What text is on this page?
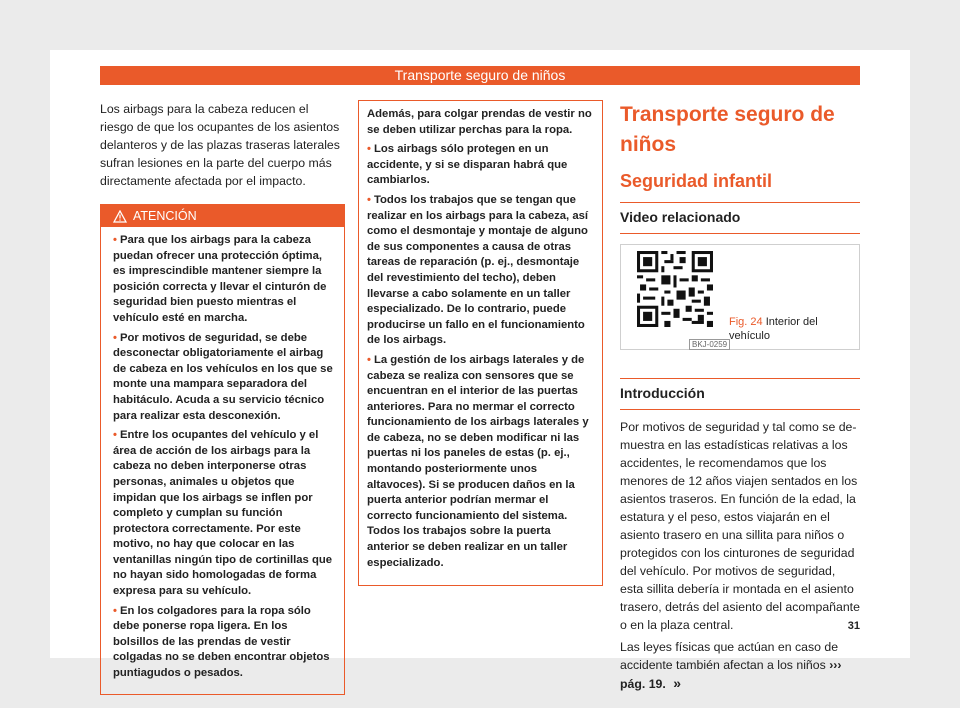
Transporte seguro de niños

Los airbags para la cabeza reducen el riesgo de que los ocupantes de los asientos delanteros y de las plazas traseras laterales sufran lesiones en la parte del cuerpo más directamente afectada por el impacto.

ATENCIÓN
• Para que los airbags para la cabeza puedan ofrecer una protección óptima, es imprescindible mantener siempre la posición correcta y llevar el cinturón de seguridad bien puesto mientras el vehículo esté en marcha.
• Por motivos de seguridad, se debe desconectar obligatoriamente el airbag de cabeza en los vehículos en los que se monte una mampara separadora del habitáculo. Acuda a su servicio técnico para realizar esta desconexión.
• Entre los ocupantes del vehículo y el área de acción de los airbags para la cabeza no deben interponerse otras personas, animales u objetos que impidan que los airbags se inflen por completo y cumplan su función protectora correctamente. Por este motivo, no hay que colocar en las ventanillas ningún tipo de cortinillas que no hayan sido homologadas de forma expresa para su vehículo.
• En los colgadores para la ropa sólo debe ponerse ropa ligera. En los bolsillos de las prendas de vestir colgadas no se deben encontrar objetos puntiagudos o pesados.

Además, para colgar prendas de vestir no se deben utilizar perchas para la ropa.

• Los airbags sólo protegen en un accidente, y si se disparan habrá que cambiarlos.
• Todos los trabajos que se tengan que realizar en los airbags para la cabeza, así como el desmontaje y montaje de alguno de sus componentes a causa de otras tareas de reparación (p. ej., desmontaje del revestimiento del techo), deben llevarse a cabo solamente en un taller especializado. De lo contrario, puede producirse un fallo en el funcionamiento de los airbags.
• La gestión de los airbags laterales y de cabeza se realiza con sensores que se encuentran en el interior de las puertas anteriores. Para no mermar el correcto funcionamiento de los airbags laterales y de cabeza, no se deben modificar ni las puertas ni los paneles de estas (p. ej., montando posteriormente unos altavoces). Si se producen daños en la puerta anterior podrían mermar el correcto funcionamiento del sistema. Todos los trabajos sobre la puerta anterior se deben realizar en un taller especializado.
Transporte seguro de niños
Seguridad infantil
Video relacionado
BKJ-0259
Fig. 24 Interior del vehículo
Introducción

Por motivos de seguridad y tal como se de-muestra en las estadísticas relativas a los accidentes, le recomendamos que los menores de 12 años viajen sentados en los asientos traseros. En función de la edad, la estatura y el peso, estos viajarán en el asiento trasero en una sillita para niños o protegidos con los cinturones de seguridad del vehículo. Por motivos de seguridad, esta sillita debería ir montada en el asiento trasero, detrás del asiento del acompañante o en la plaza central.

Las leyes físicas que actúan en caso de accidente también afectan a los niños ››› pág. 19. »

31
